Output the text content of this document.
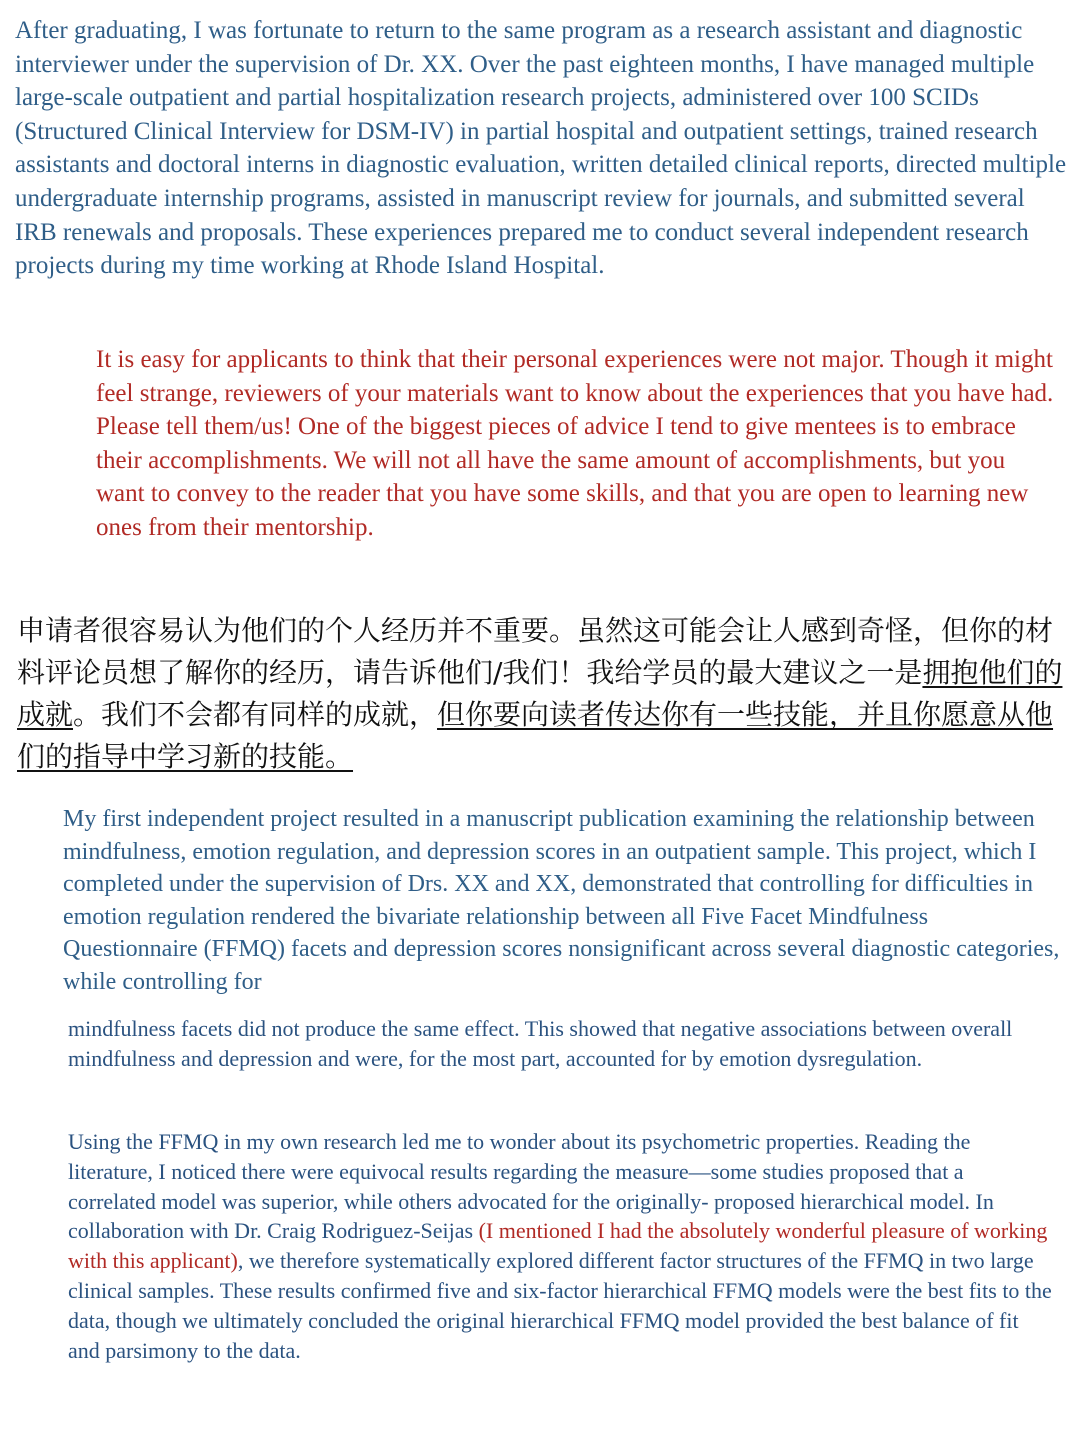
After graduating, I was fortunate to return to the same program as a research assistant and diagnostic interviewer under the supervision of Dr. XX. Over the past eighteen months, I have managed multiple large-scale outpatient and partial hospitalization research projects, administered over 100 SCIDs (Structured Clinical Interview for DSM-IV) in partial hospital and outpatient settings, trained research assistants and doctoral interns in diagnostic evaluation, written detailed clinical reports, directed multiple undergraduate internship programs, assisted in manuscript review for journals, and submitted several IRB renewals and proposals. These experiences prepared me to conduct several independent research projects during my time working at Rhode Island Hospital.

It is easy for applicants to think that their personal experiences were not major. Though it might feel strange, reviewers of your materials want to know about the experiences that you have had. Please tell them/us! One of the biggest pieces of advice I tend to give mentees is to embrace their accomplishments. We will not all have the same amount of accomplishments, but you want to convey to the reader that you have some skills, and that you are open to learning new ones from their mentorship.

申请者很容易认为他们的个人经历并不重要。虽然这可能会让人感到奇怪，但你的材料评论员想了解你的经历，请告诉他们/我们！我给学员的最大建议之一是拥抱他们的成就。我们不会都有同样的成就，但你要向读者传达你有一些技能，并且你愿意从他们的指导中学习新的技能。

My first independent project resulted in a manuscript publication examining the relationship between mindfulness, emotion regulation, and depression scores in an outpatient sample. This project, which I completed under the supervision of Drs. XX and XX, demonstrated that controlling for difficulties in emotion regulation rendered the bivariate relationship between all Five Facet Mindfulness Questionnaire (FFMQ) facets and depression scores nonsignificant across several diagnostic categories, while controlling for

mindfulness facets did not produce the same effect. This showed that negative associations between overall mindfulness and depression and were, for the most part, accounted for by emotion dysregulation.

Using the FFMQ in my own research led me to wonder about its psychometric properties. Reading the literature, I noticed there were equivocal results regarding the measure—some studies proposed that a correlated model was superior, while others advocated for the originally- proposed hierarchical model. In collaboration with Dr. Craig Rodriguez-Seijas (I mentioned I had the absolutely wonderful pleasure of working with this applicant), we therefore systematically explored different factor structures of the FFMQ in two large clinical samples. These results confirmed five and six-factor hierarchical FFMQ models were the best fits to the data, though we ultimately concluded the original hierarchical FFMQ model provided the best balance of fit and parsimony to the data.
